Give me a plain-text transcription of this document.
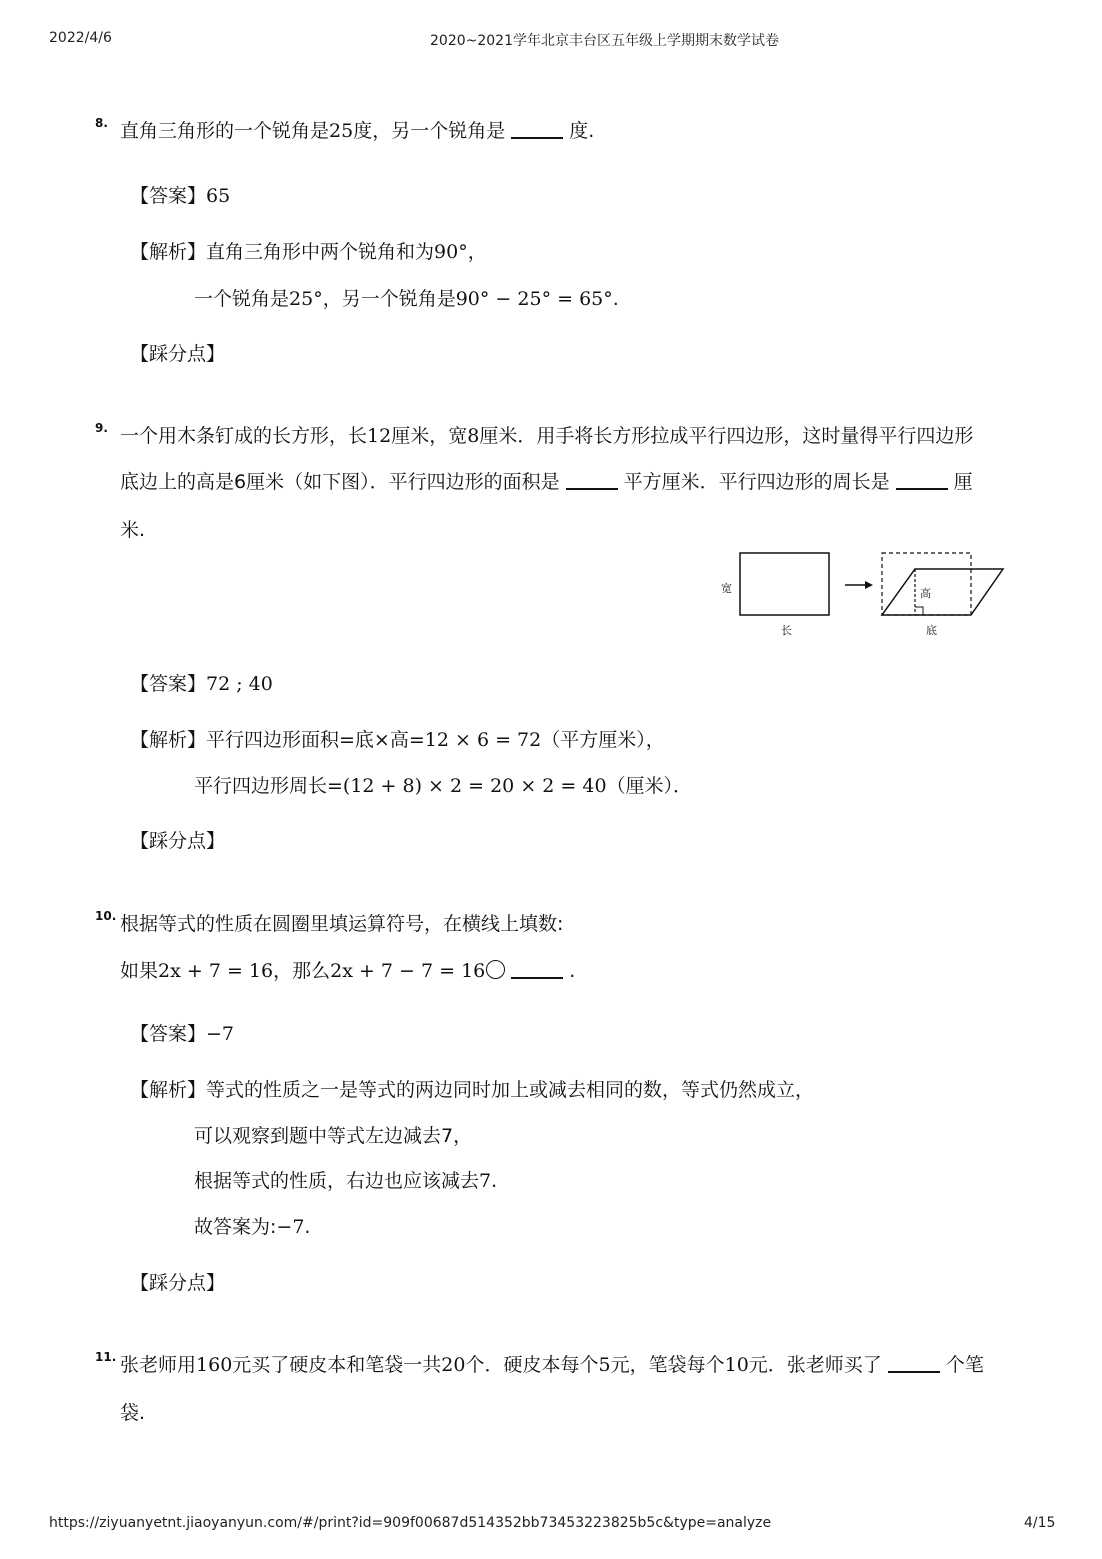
2022/4/6	2020~2021学年北京丰台区五年级上学期期末数学试卷
8. 直角三角形的一个锐角是25度，另一个锐角是	度.
【答案】65
【解析】直角三角形中两个锐角和为90°，
一个锐角是25°，另一个锐角是90° − 25° = 65°.
【踩分点】
9. 一个用木条钉成的长方形，长12厘米，宽8厘米．用手将长方形拉成平行四边形，这时量得平行四边形
底边上的高是6厘米（如下图）．平行四边形的面积是	平方厘米．平行四边形的周长是	厘
米.
宽
长
高
底
【答案】72 ; 40
【解析】平行四边形面积=底×高=12 × 6 = 72（平方厘米），
平行四边形周长=(12 + 8) × 2 = 20 × 2 = 40（厘米）．
【踩分点】
10. 根据等式的性质在圆圈里填运算符号，在横线上填数:
如果2x + 7 = 16，那么2x + 7 − 7 = 16	.
【答案】−7
【解析】等式的性质之一是等式的两边同时加上或减去相同的数，等式仍然成立，
可以观察到题中等式左边减去7，
根据等式的性质，右边也应该减去7.
故答案为:−7.
【踩分点】
11. 张老师用160元买了硬皮本和笔袋一共20个．硬皮本每个5元，笔袋每个10元．张老师买了	个笔
袋.
https://ziyuanyetnt.jiaoyanyun.com/#/print?id=909f00687d514352bb73453223825b5c&type=analyze	4/15
